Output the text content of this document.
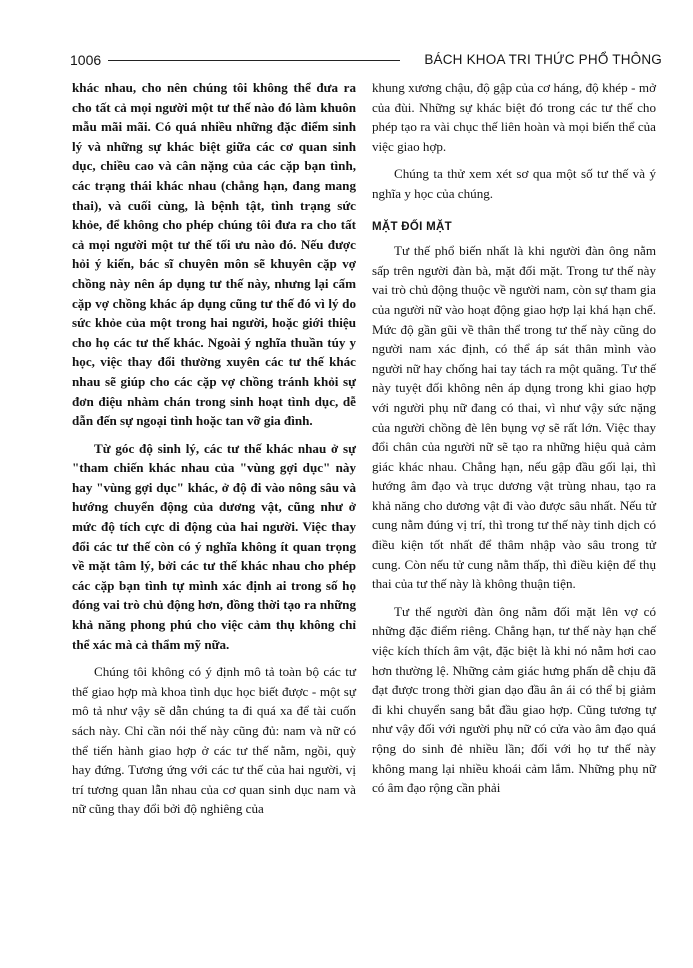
1006	BÁCH KHOA TRI THỨC PHỔ THÔNG

khác nhau, cho nên chúng tôi không thể đưa ra cho tất cả mọi người một tư thế nào đó làm khuôn mẫu mãi mãi. Có quá nhiều những đặc điểm sinh lý và những sự khác biệt giữa các cơ quan sinh dục, chiều cao và cân nặng của các cặp bạn tình, các trạng thái khác nhau (chẳng hạn, đang mang thai), và cuối cùng, là bệnh tật, tình trạng sức khỏe, để không cho phép chúng tôi đưa ra cho tất cả mọi người một tư thế tối ưu nào đó. Nếu được hỏi ý kiến, bác sĩ chuyên môn sẽ khuyên cặp vợ chồng này nên áp dụng tư thế này, nhưng lại cấm cặp vợ chồng khác áp dụng cũng tư thế đó vì lý do sức khỏe của một trong hai người, hoặc giới thiệu cho họ các tư thế khác. Ngoài ý nghĩa thuần túy y học, việc thay đổi thường xuyên các tư thế khác nhau sẽ giúp cho các cặp vợ chồng tránh khỏi sự đơn điệu nhàm chán trong sinh hoạt tình dục, dễ dẫn đến sự ngoại tình hoặc tan vỡ gia đình.

Từ góc độ sinh lý, các tư thế khác nhau ở sự "tham chiến khác nhau của "vùng gợi dục" này hay "vùng gợi dục" khác, ở độ đi vào nông sâu và hướng chuyển động của dương vật, cũng như ở mức độ tích cực di động của hai người. Việc thay đổi các tư thế còn có ý nghĩa không ít quan trọng về mặt tâm lý, bởi các tư thế khác nhau cho phép các cặp bạn tình tự mình xác định ai trong số họ đóng vai trò chủ động hơn, đồng thời tạo ra những khả năng phong phú cho việc cảm thụ không chỉ thể xác mà cả thẩm mỹ nữa.

Chúng tôi không có ý định mô tả toàn bộ các tư thế giao hợp mà khoa tình dục học biết được - một sự mô tả như vậy sẽ dẫn chúng ta đi quá xa để tài cuốn sách này. Chỉ cần nói thế này cũng đủ: nam và nữ có thể tiến hành giao hợp ở các tư thế nằm, ngồi, quỳ hay đứng. Tương ứng với các tư thế của hai người, vị trí tương quan lẫn nhau của cơ quan sinh dục nam và nữ cũng thay đổi bởi độ nghiêng của

khung xương chậu, độ gập của cơ háng, độ khép - mở của đùi. Những sự khác biệt đó trong các tư thế cho phép tạo ra vài chục thế liên hoàn và mọi biến thể của việc giao hợp.

Chúng ta thử xem xét sơ qua một số tư thế và ý nghĩa y học của chúng.

MẶT ĐỐI MẶT

Tư thế phổ biến nhất là khi người đàn ông nằm sấp trên người đàn bà, mặt đối mặt. Trong tư thế này vai trò chủ động thuộc về người nam, còn sự tham gia của người nữ vào hoạt động giao hợp lại khá hạn chế. Mức độ gần gũi về thân thể trong tư thế này cũng do người nam xác định, có thể áp sát thân mình vào người nữ hay chống hai tay tách ra một quãng. Tư thế này tuyệt đối không nên áp dụng trong khi giao hợp với người phụ nữ đang có thai, vì như vậy sức nặng của người chồng đè lên bụng vợ sẽ rất lớn. Việc thay đổi chân của người nữ sẽ tạo ra những hiệu quả cảm giác khác nhau. Chẳng hạn, nếu gập đầu gối lại, thì hướng âm đạo và trục dương vật trùng nhau, tạo ra khả năng cho dương vật đi vào được sâu nhất. Nếu tử cung nằm đúng vị trí, thì trong tư thế này tinh dịch có điều kiện tốt nhất để thâm nhập vào sâu trong tử cung. Còn nếu tử cung nằm thấp, thì điều kiện để thụ thai của tư thế này là không thuận tiện.

Tư thế người đàn ông nằm đối mặt lên vợ có những đặc điểm riêng. Chẳng hạn, tư thế này hạn chế việc kích thích âm vật, đặc biệt là khi nó nằm hơi cao hơn thường lệ. Những cảm giác hưng phấn dễ chịu đã đạt được trong thời gian dạo đầu ân ái có thể bị giảm đi khi chuyển sang bắt đầu giao hợp. Cũng tương tự như vậy đối với người phụ nữ có cửa vào âm đạo quá rộng do sinh đẻ nhiều lần; đối với họ tư thế này không mang lại nhiều khoái cảm lắm. Những phụ nữ có âm đạo rộng cần phải
